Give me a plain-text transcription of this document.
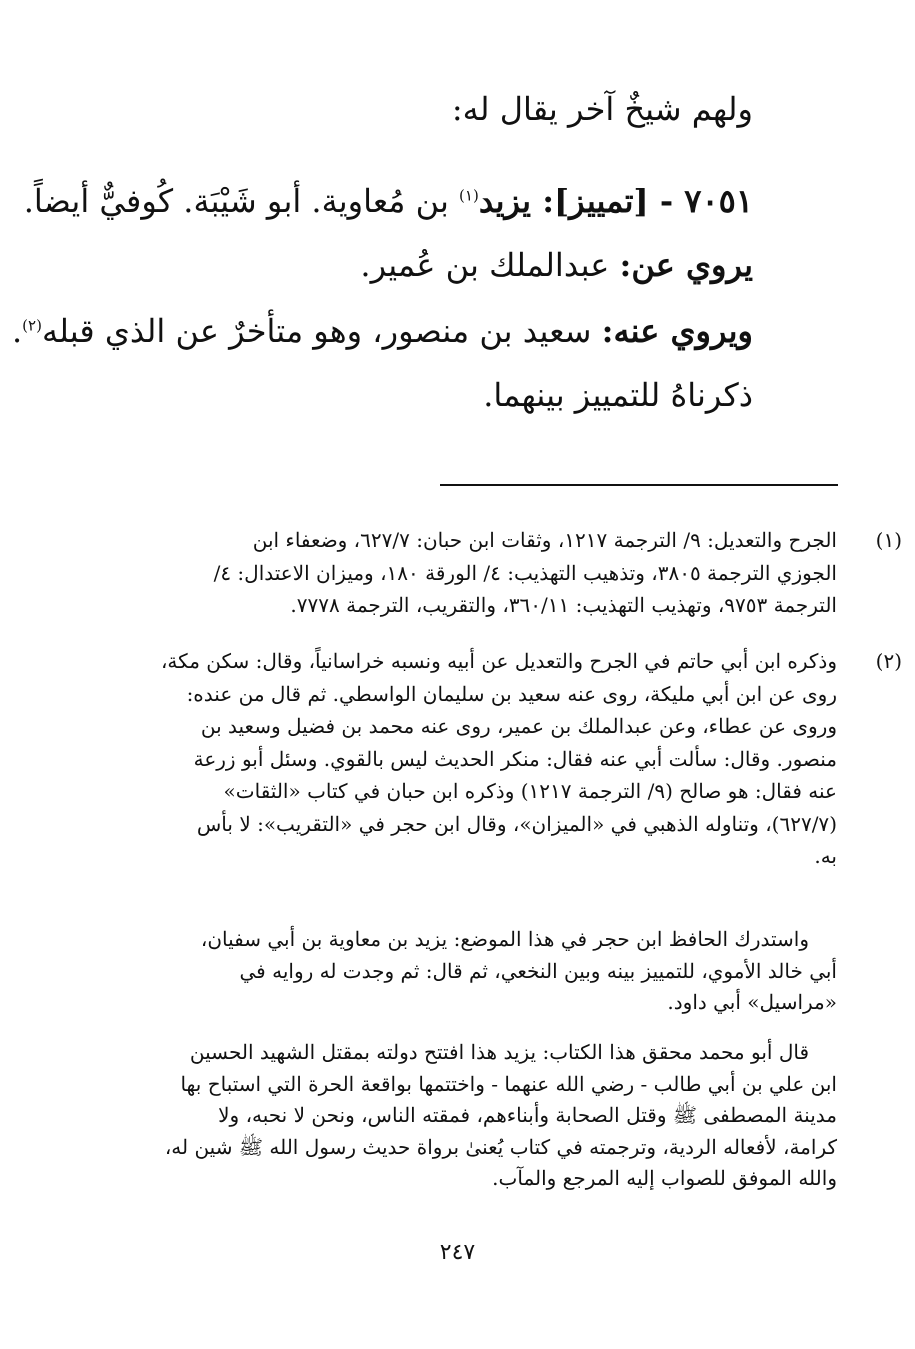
ولهم شيخٌ آخر يقال له:
٧٠٥١ - [تمييز]: يزيد$^{(١)}$ بن مُعاوية. أبو شَيْبَة. كُوفيٌّ أيضاً.
يروي عن: عبدالملك بن عُمير.
ويروي عنه: سعيد بن منصور، وهو متأخرٌ عن الذي قبله$^{(٢)}$.
ذكرناهُ للتمييز بينهما.
(١)
الجرح والتعديل: ٩/ الترجمة ١٢١٧، وثقات ابن حبان: ٦٢٧/٧، وضعفاء ابن
الجوزي الترجمة ٣٨٠٥، وتذهيب التهذيب: ٤/ الورقة ١٨٠، وميزان الاعتدال: ٤/
الترجمة ٩٧٥٣، وتهذيب التهذيب: ٣٦٠/١١، والتقريب، الترجمة ٧٧٧٨.
(٢)
وذكره ابن أبي حاتم في الجرح والتعديل عن أبيه ونسبه خراسانياً، وقال: سكن مكة،
روى عن ابن أبي مليكة، روى عنه سعيد بن سليمان الواسطي. ثم قال من عنده:
وروى عن عطاء، وعن عبدالملك بن عمير، روى عنه محمد بن فضيل وسعيد بن
منصور. وقال: سألت أبي عنه فقال: منكر الحديث ليس بالقوي. وسئل أبو زرعة
عنه فقال: هو صالح (٩/ الترجمة ١٢١٧) وذكره ابن حبان في كتاب «الثقات»
(٦٢٧/٧)، وتناوله الذهبي في «الميزان»، وقال ابن حجر في «التقريب»: لا بأس
به.
واستدرك الحافظ ابن حجر في هذا الموضع: يزيد بن معاوية بن أبي سفيان،
أبي خالد الأموي، للتمييز بينه وبين النخعي، ثم قال: ثم وجدت له روايه في
«مراسيل» أبي داود.
قال أبو محمد محقق هذا الكتاب: يزيد هذا افتتح دولته بمقتل الشهيد الحسين
ابن علي بن أبي طالب - رضي الله عنهما - واختتمها بواقعة الحرة التي استباح بها
مدينة المصطفى ﷺ وقتل الصحابة وأبناءهم، فمقته الناس، ونحن لا نحبه، ولا
كرامة، لأفعاله الردية، وترجمته في كتاب يُعنىٰ برواة حديث رسول الله ﷺ شين له،
والله الموفق للصواب إليه المرجع والمآب.
٢٤٧
